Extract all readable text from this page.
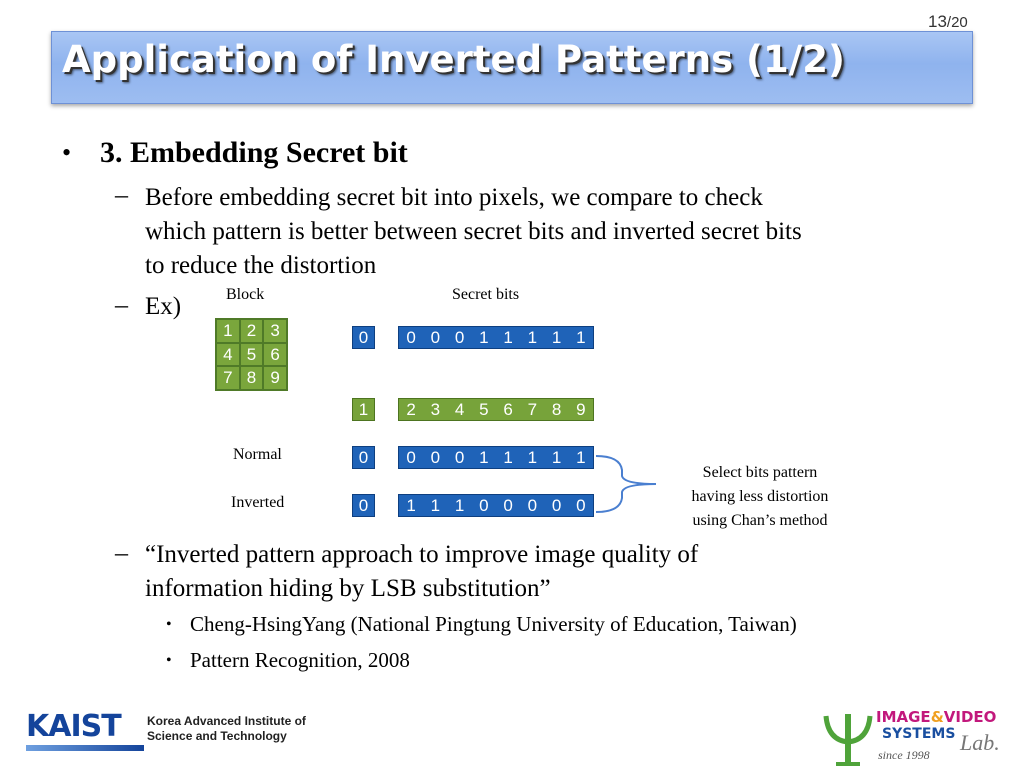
13/20
Application of Inverted Patterns (1/2)
• 3. Embedding Secret bit
– Before embedding secret bit into pixels, we compare to check
which pattern is better between secret bits and inverted secret bits
to reduce the distortion
– Ex)	Block	Secret bits
1 2 3
4 5 6
7 8 9
0	0 0 0 1 1 1 1 1
1	2 3 4 5 6 7 8 9
Normal	0	0 0 0 1 1 1 1 1
Inverted	0	1 1 1 0 0 0 0 0
Select bits pattern
having less distortion
using Chan’s method
– “Inverted pattern approach to improve image quality of
information hiding by LSB substitution”
• Cheng-HsingYang (National Pingtung University of Education, Taiwan)
• Pattern Recognition, 2008
KAIST	Korea Advanced Institute of
Science and Technology
IMAGE&VIDEO
SYSTEMS Lab.
since 1998
